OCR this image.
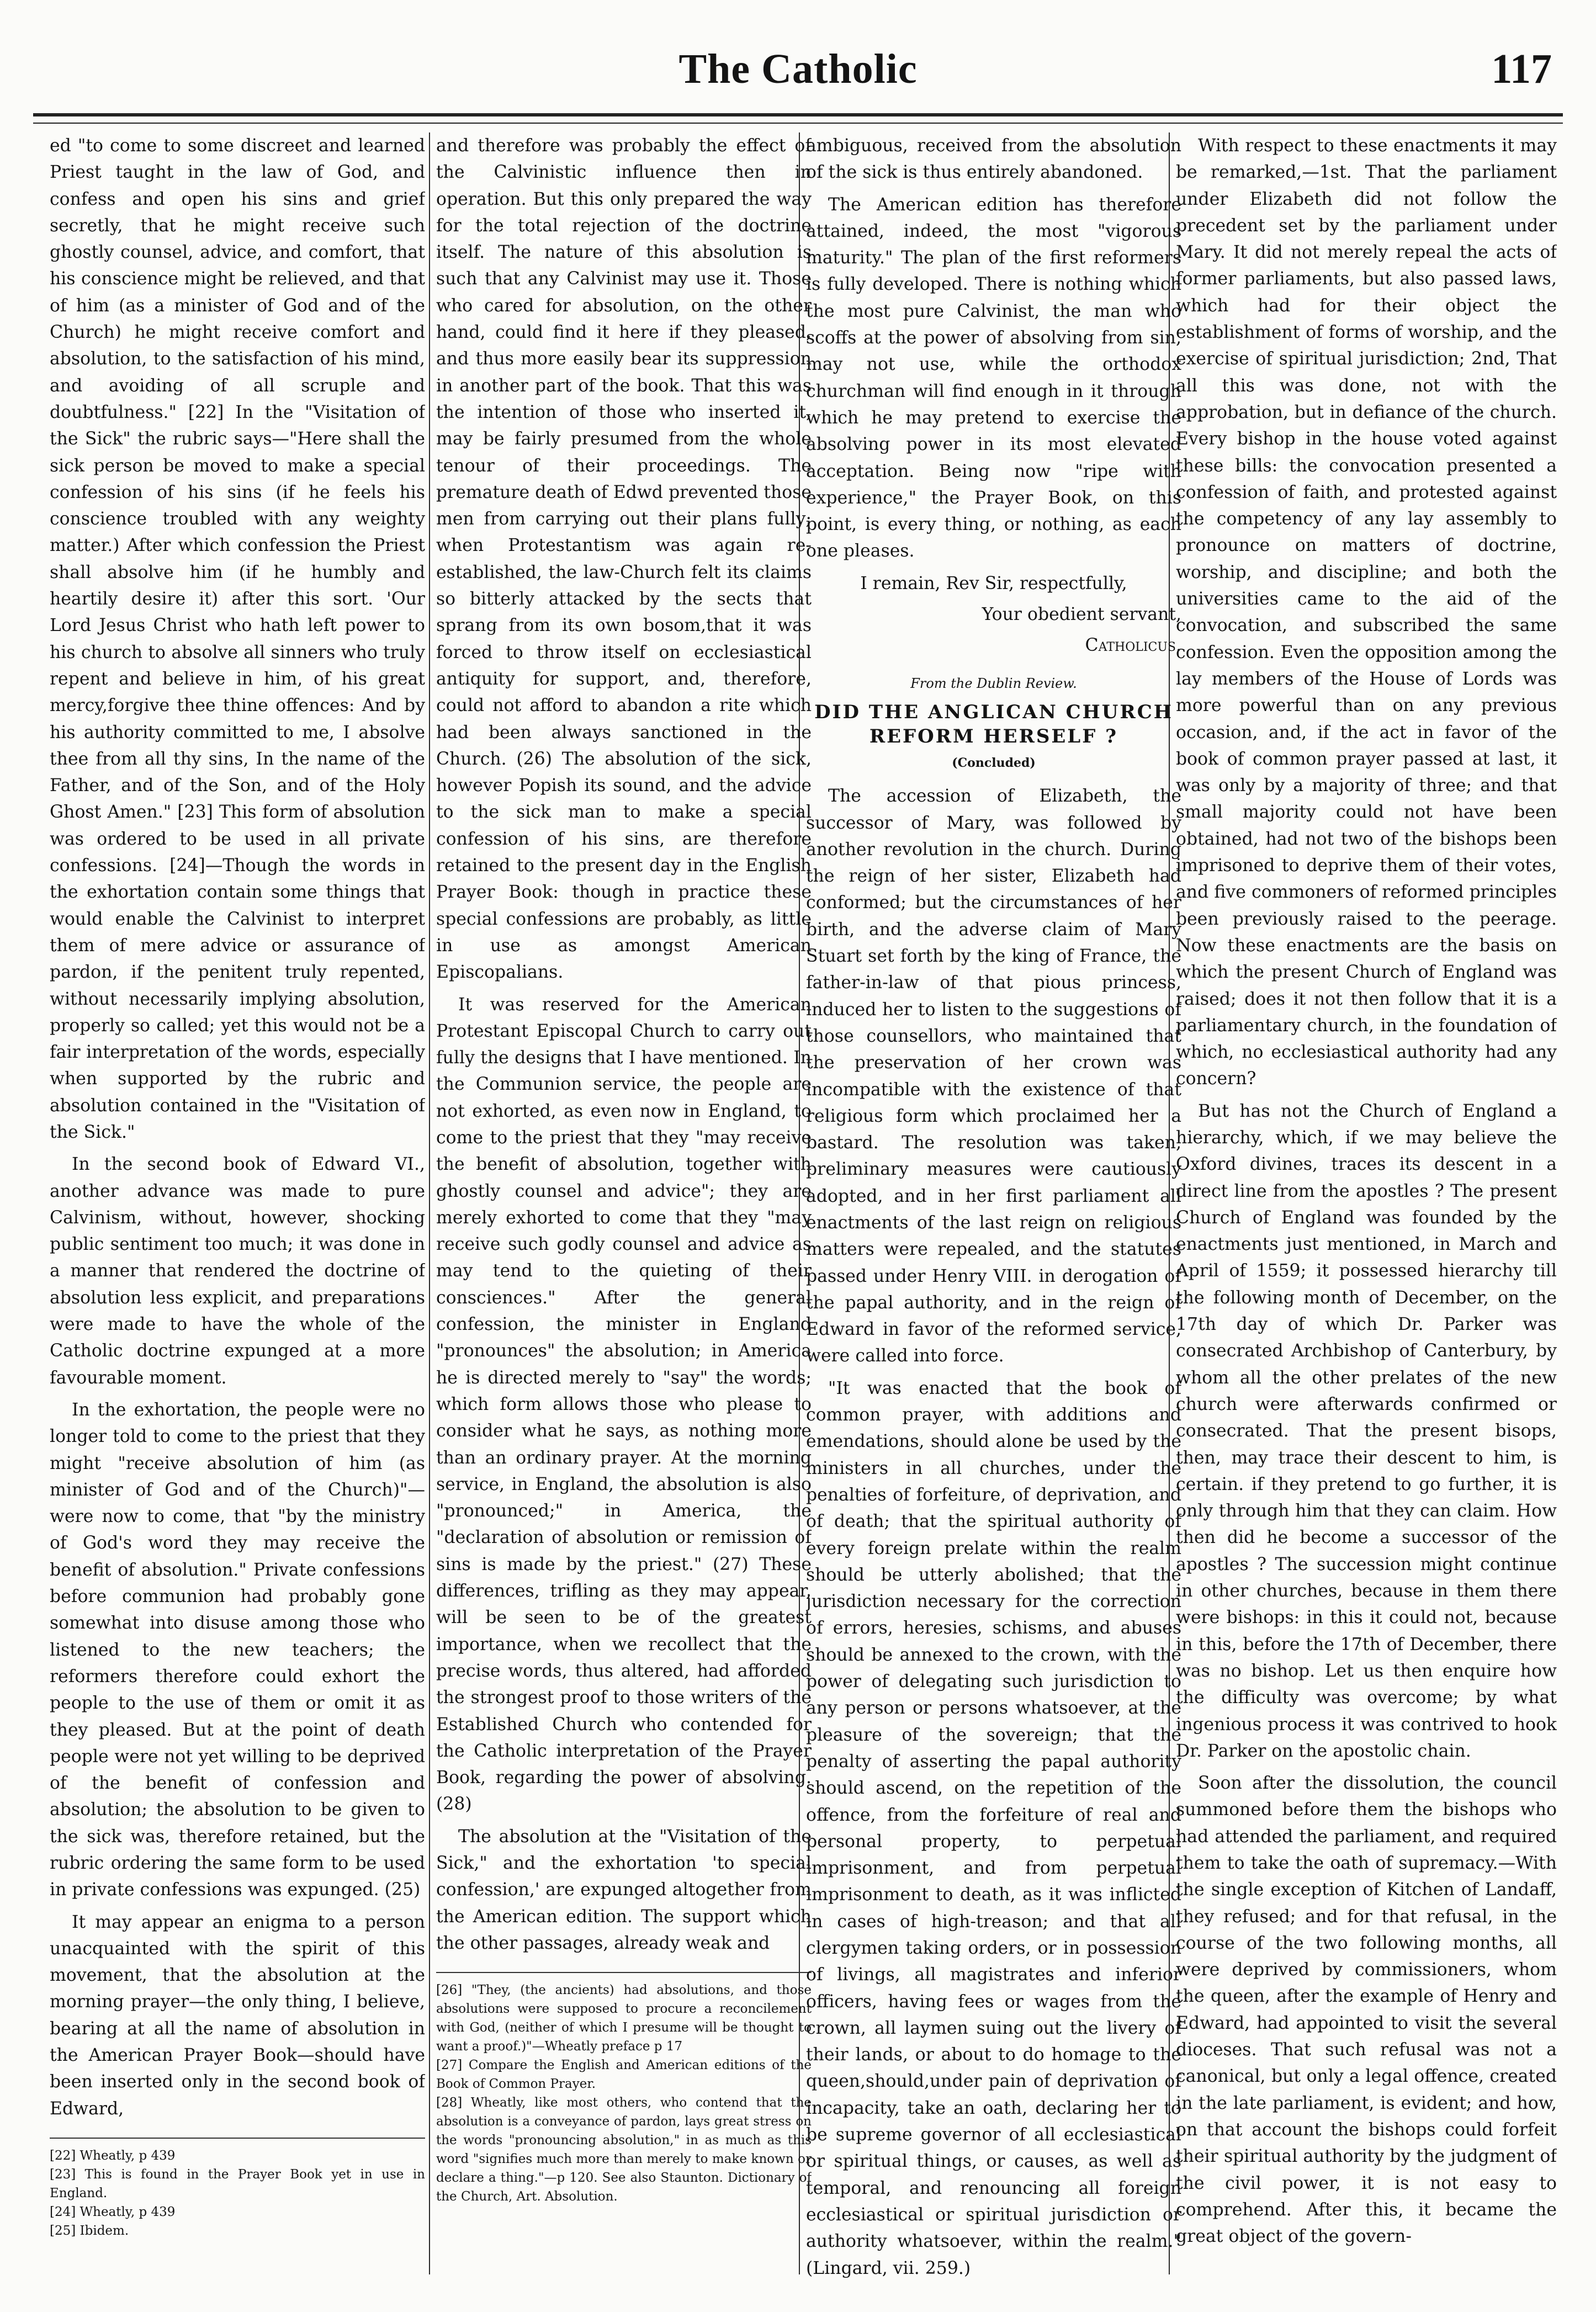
The Catholic	117

ed "to come to some discreet and learned Priest taught in the law of God, and confess and open his sins and grief secretly, that he might receive such ghostly counsel, advice, and comfort, that his conscience might be relieved, and that of him (as a minister of God and of the Church) he might receive comfort and absolution, to the satisfaction of his mind, and avoiding of all scruple and doubtfulness." [22] In the "Visitation of the Sick" the rubric says—"Here shall the sick person be moved to make a special confession of his sins (if he feels his conscience troubled with any weighty matter.) After which confession the Priest shall absolve him (if he humbly and heartily desire it) after this sort. 'Our Lord Jesus Christ who hath left power to his church to absolve all sinners who truly repent and believe in him, of his great mercy,forgive thee thine offences: And by his authority committed to me, I absolve thee from all thy sins, In the name of the Father, and of the Son, and of the Holy Ghost Amen." [23] This form of absolution was ordered to be used in all private confessions. [24]—Though the words in the exhortation contain some things that would enable the Calvinist to interpret them of mere advice or assurance of pardon, if the penitent truly repented, without necessarily implying absolution, properly so called; yet this would not be a fair interpretation of the words, especially when supported by the rubric and absolution contained in the "Visitation of the Sick."

In the second book of Edward VI., another advance was made to pure Calvinism, without, however, shocking public sentiment too much; it was done in a manner that rendered the doctrine of absolution less explicit, and preparations were made to have the whole of the Catholic doctrine expunged at a more favourable moment.

In the exhortation, the people were no longer told to come to the priest that they might "receive absolution of him (as minister of God and of the Church)"—were now to come, that "by the ministry of God's word they may receive the benefit of absolution." Private confessions before communion had probably gone somewhat into disuse among those who listened to the new teachers; the reformers therefore could exhort the people to the use of them or omit it as they pleased. But at the point of death people were not yet willing to be deprived of the benefit of confession and absolution; the absolution to be given to the sick was, therefore retained, but the rubric ordering the same form to be used in private confessions was expunged. (25)

It may appear an enigma to a person unacquainted with the spirit of this movement, that the absolution at the morning prayer—the only thing, I believe, bearing at all the name of absolution in the American Prayer Book—should have been inserted only in the second book of Edward,

[22] Wheatly, p 439
[23] This is found in the Prayer Book yet in use in England.
[24] Wheatly, p 439
[25] Ibidem.

and therefore was probably the effect of the Calvinistic influence then in operation. But this only prepared the way for the total rejection of the doctrine itself. The nature of this absolution is such that any Calvinist may use it. Those who cared for absolution, on the other hand, could find it here if they pleased, and thus more easily bear its suppression in another part of the book. That this was the intention of those who inserted it, may be fairly presumed from the whole tenour of their proceedings. The premature death of Edwd prevented those men from carrying out their plans fully; when Protestantism was again re-established, the law-Church felt its claims so bitterly attacked by the sects that sprang from its own bosom,that it was forced to throw itself on ecclesiastical antiquity for support, and, therefore, could not afford to abandon a rite which had been always sanctioned in the Church. (26) The absolution of the sick, however Popish its sound, and the advice to the sick man to make a special confession of his sins, are therefore retained to the present day in the English Prayer Book: though in practice these special confessions are probably, as little in use as amongst American Episcopalians.

It was reserved for the American Protestant Episcopal Church to carry out fully the designs that I have mentioned. In the Communion service, the people are not exhorted, as even now in England, to come to the priest that they "may receive the benefit of absolution, together with ghostly counsel and advice"; they are merely exhorted to come that they "may receive such godly counsel and advice as may tend to the quieting of their consciences." After the general confession, the minister in England "pronounces" the absolution; in America he is directed merely to "say" the words; which form allows those who please to consider what he says, as nothing more than an ordinary prayer. At the morning service, in England, the absolution is also "pronounced;" in America, the "declaration of absolution or remission of sins is made by the priest." (27) These differences, trifling as they may appear, will be seen to be of the greatest importance, when we recollect that the precise words, thus altered, had afforded the strongest proof to those writers of the Established Church who contended for the Catholic interpretation of the Prayer Book, regarding the power of absolving. (28)

The absolution at the "Visitation of the Sick," and the exhortation 'to special confession,' are expunged altogether from the American edition. The support which the other passages, already weak and

[26] "They, (the ancients) had absolutions, and those absolutions were supposed to procure a reconcilement with God, (neither of which I presume will be thought to want a proof.)"—Wheatly preface p 17
[27] Compare the English and American editions of the Book of Common Prayer.
[28] Wheatly, like most others, who contend that the absolution is a conveyance of pardon, lays great stress on the words "pronouncing absolution," in as much as this word "signifies much more than merely to make known or declare a thing."—p 120. See also Staunton. Dictionary of the Church, Art. Absolution.

ambiguous, received from the absolution of the sick is thus entirely abandoned.

The American edition has therefore attained, indeed, the most "vigorous maturity." The plan of the first reformers is fully developed. There is nothing which the most pure Calvinist, the man who scoffs at the power of absolving from sin, may not use, while the orthodox churchman will find enough in it through which he may pretend to exercise the absolving power in its most elevated acceptation. Being now "ripe with experience," the Prayer Book, on this point, is every thing, or nothing, as each one pleases.

I remain, Rev Sir, respectfully,
Your obedient servant,
Catholicus.
From the Dublin Review.
DID THE ANGLICAN CHURCH REFORM HERSELF ?
(Concluded)

The accession of Elizabeth, the successor of Mary, was followed by another revolution in the church. During the reign of her sister, Elizabeth had conformed; but the circumstances of her birth, and the adverse claim of Mary Stuart set forth by the king of France, the father-in-law of that pious princess, induced her to listen to the suggestions of those counsellors, who maintained that the preservation of her crown was incompatible with the existence of that religious form which proclaimed her a bastard. The resolution was taken, preliminary measures were cautiously adopted, and in her first parliament all enactments of the last reign on religious matters were repealed, and the statutes passed under Henry VIII. in derogation of the papal authority, and in the reign of Edward in favor of the reformed service, were called into force.

"It was enacted that the book of common prayer, with additions and emendations, should alone be used by the ministers in all churches, under the penalties of forfeiture, of deprivation, and of death; that the spiritual authority of every foreign prelate within the realm should be utterly abolished; that the jurisdiction necessary for the correction of errors, heresies, schisms, and abuses should be annexed to the crown, with the power of delegating such jurisdiction to any person or persons whatsoever, at the pleasure of the sovereign; that the penalty of asserting the papal authority should ascend, on the repetition of the offence, from the forfeiture of real and personal property, to perpetual imprisonment, and from perpetual imprisonment to death, as it was inflicted in cases of high-treason; and that all clergymen taking orders, or in possession of livings, all magistrates and inferior officers, having fees or wages from the crown, all laymen suing out the livery of their lands, or about to do homage to the queen,should,under pain of deprivation of incapacity, take an oath, declaring her to be supreme governor of all ecclesiastical or spiritual things, or causes, as well as temporal, and renouncing all foreign ecclesiastical or spiritual jurisdiction or authority whatsoever, within the realm." (Lingard, vii. 259.)

With respect to these enactments it may be remarked,—1st. That the parliament under Elizabeth did not follow the precedent set by the parliament under Mary. It did not merely repeal the acts of former parliaments, but also passed laws, which had for their object the establishment of forms of worship, and the exercise of spiritual jurisdiction; 2nd, That all this was done, not with the approbation, but in defiance of the church. Every bishop in the house voted against these bills: the convocation presented a confession of faith, and protested against the competency of any lay assembly to pronounce on matters of doctrine, worship, and discipline; and both the universities came to the aid of the convocation, and subscribed the same confession. Even the opposition among the lay members of the House of Lords was more powerful than on any previous occasion, and, if the act in favor of the book of common prayer passed at last, it was only by a majority of three; and that small majority could not have been obtained, had not two of the bishops been imprisoned to deprive them of their votes, and five commoners of reformed principles been previously raised to the peerage. Now these enactments are the basis on which the present Church of England was raised; does it not then follow that it is a parliamentary church, in the foundation of which, no ecclesiastical authority had any concern?

But has not the Church of England a hierarchy, which, if we may believe the Oxford divines, traces its descent in a direct line from the apostles ? The present Church of England was founded by the enactments just mentioned, in March and April of 1559; it possessed hierarchy till the following month of December, on the 17th day of which Dr. Parker was consecrated Archbishop of Canterbury, by whom all the other prelates of the new church were afterwards confirmed or consecrated. That the present bisops, then, may trace their descent to him, is certain. if they pretend to go further, it is only through him that they can claim. How then did he become a successor of the apostles ? The succession might continue in other churches, because in them there were bishops: in this it could not, because in this, before the 17th of December, there was no bishop. Let us then enquire how the difficulty was overcome; by what ingenious process it was contrived to hook Dr. Parker on the apostolic chain.

Soon after the dissolution, the council summoned before them the bishops who had attended the parliament, and required them to take the oath of supremacy.—With the single exception of Kitchen of Landaff, they refused; and for that refusal, in the course of the two following months, all were deprived by commissioners, whom the queen, after the example of Henry and Edward, had appointed to visit the several dioceses. That such refusal was not a canonical, but only a legal offence, created in the late parliament, is evident; and how, on that account the bishops could forfeit their spiritual authority by the judgment of the civil power, it is not easy to comprehend. After this, it became the great object of the govern-
